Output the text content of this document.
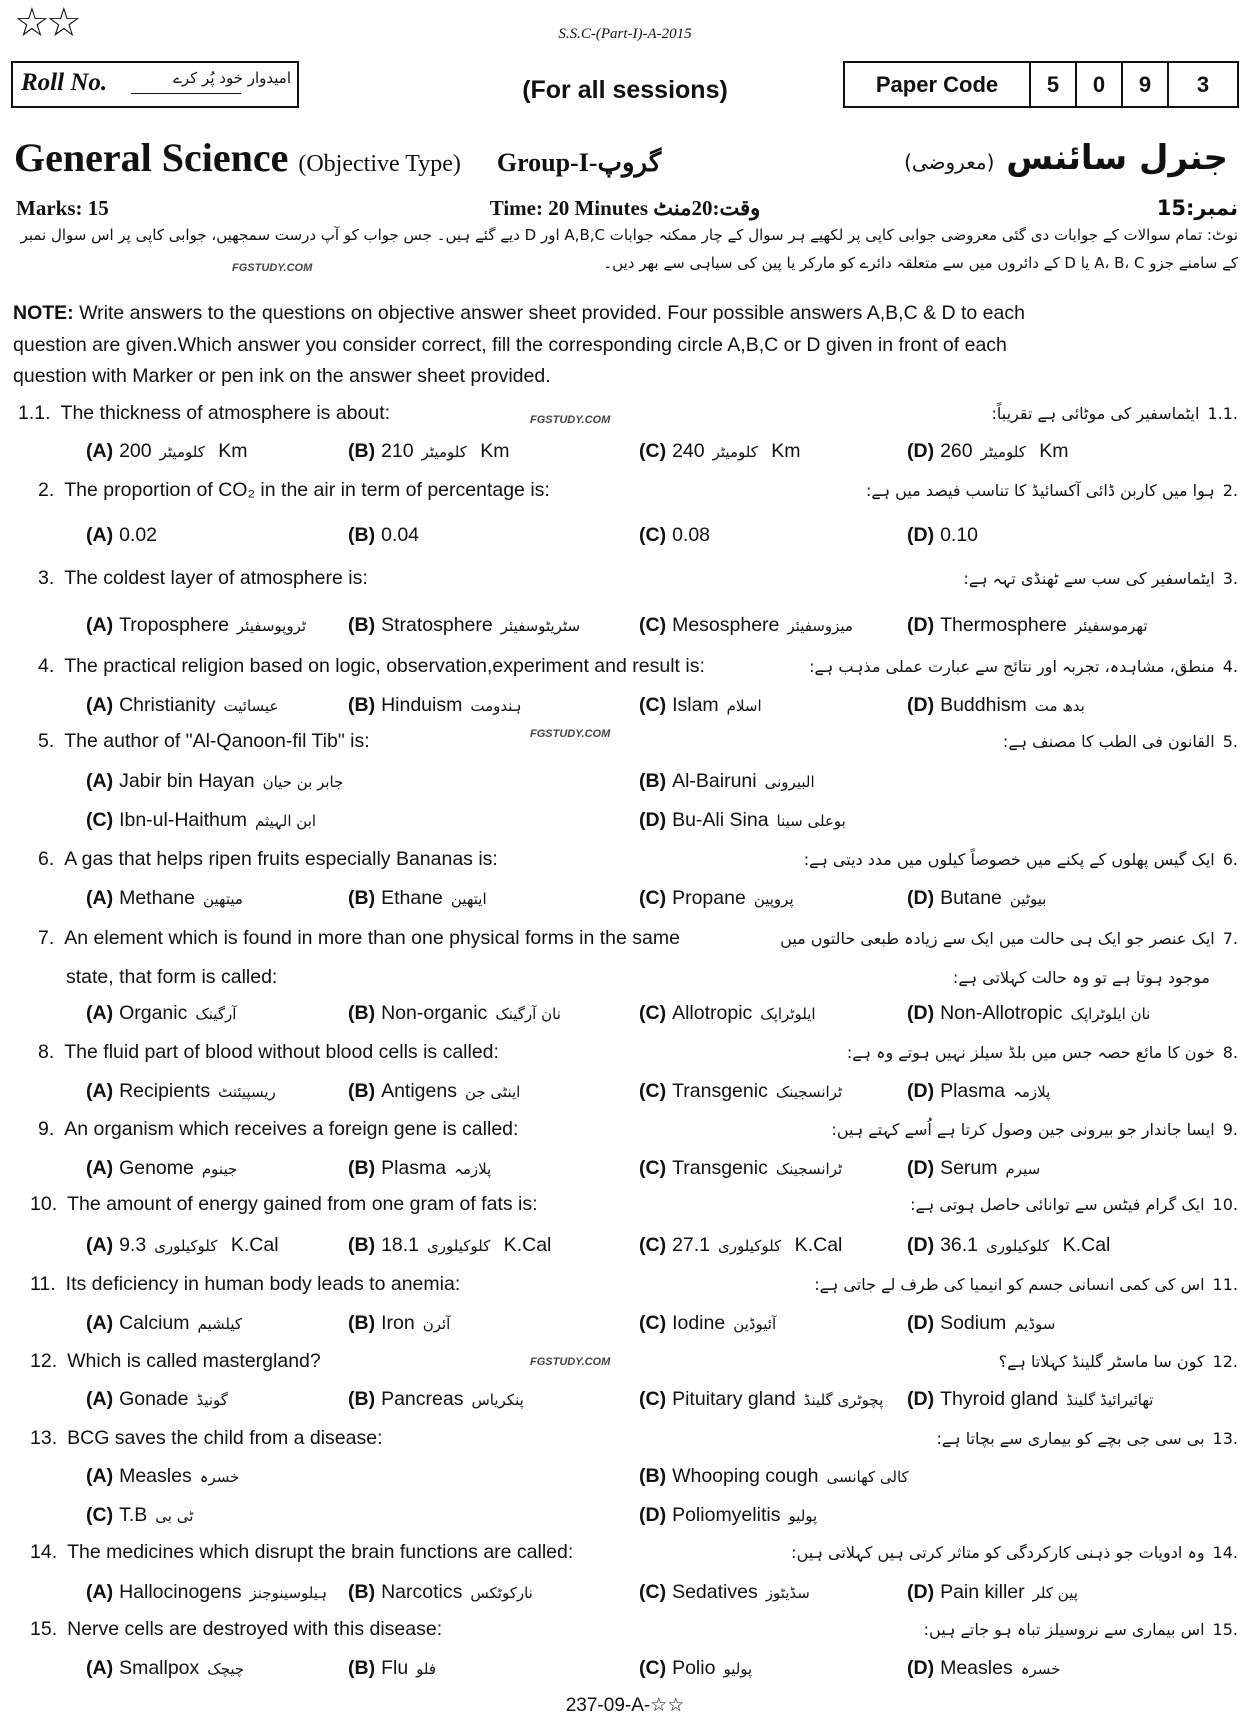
☆☆	S.S.C-(Part-I)-A-2015
Roll No.	امیدوار خود پُر کرے	(For all sessions)	Paper Code	5	0	9	3
General Science (Objective Type) Group-I-گروپ	جنرل سائنس (معروضی)
Marks: 15	Time: 20 Minutes وقت:20منٹ	نمبر:15
نوٹ: تمام سوالات کے جوابات دی گئی معروضی جوابی کاپی پر لکھیے ہر سوال کے چار ممکنہ جوابات A,B,C اور D دیے گئے ہیں۔ جس جواب کو آپ درست سمجھیں، جوابی کاپی پر اس سوال نمبر
کے سامنے جزو A، B، C یا D کے دائروں میں سے متعلقہ دائرے کو مارکر یا پین کی سیاہی سے بھر دیں۔
FGSTUDY.COM
NOTE: Write answers to the questions on objective answer sheet provided. Four possible answers A,B,C & D to each
question are given.Which answer you consider correct, fill the corresponding circle A,B,C or D given in front of each
question with Marker or pen ink on the answer sheet provided.
1.1. The thickness of atmosphere is about:	.1.1ایٹماسفیر کی موٹائی ہے تقریباً:
(A)	کلومیٹر200 Km	(B)	کلومیٹر210 Km	(C)	کلومیٹر240 Km	(D)	کلومیٹر260 Km
2. The proportion of CO₂ in the air in term of percentage is:	.2ہوا میں کاربن ڈائی آکسائیڈ کا تناسب فیصد میں ہے:
(A) 0.02	(B) 0.04	(C) 0.08	(D) 0.10
3. The coldest layer of atmosphere is:	.3ایٹماسفیر کی سب سے ٹھنڈی تہہ ہے:
(A) Troposphere ٹروپوسفیئر	(B) Stratosphere سٹریٹوسفیئر	(C) Mesosphere میزوسفیئر	(D) Thermosphere تھرموسفیئر
4. The practical religion based on logic, observation,experiment and result is:	.4منطق، مشاہدہ، تجربہ اور نتائج سے عبارت عملی مذہب ہے:
(A) Christianity عیسائیت	(B) Hinduism ہندومت	(C) Islam اسلام	(D) Buddhism بدھ مت
5. The author of "Al-Qanoon-fil Tib" is:	.5القانون فی الطب کا مصنف ہے:
(A) Jabir bin Hayan جابر بن حیان	(B) Al-Bairuni البیرونی
(C) Ibn-ul-Haithum ابن الہیثم	(D) Bu-Ali Sina بوعلی سینا
6. A gas that helps ripen fruits especially Bananas is:	.6ایک گیس پھلوں کے پکنے میں خصوصاً کیلوں میں مدد دیتی ہے:
(A) Methane میتھین	(B) Ethane ایتھین	(C) Propane پروپین	(D) Butane بیوٹین
7. An element which is found in more than one physical forms in the same	.7ایک عنصر جو ایک ہی حالت میں ایک سے زیادہ طبعی حالتوں میں
state, that form is called:	موجود ہوتا ہے تو وہ حالت کہلاتی ہے:
(A) Organic آرگینک	(B) Non-organic نان آرگینک	(C) Allotropic ایلوٹراپک	(D) Non-Allotropic نان ایلوٹراپک
8. The fluid part of blood without blood cells is called:	.8خون کا مائع حصہ جس میں بلڈ سیلز نہیں ہوتے وہ ہے:
(A) Recipients ریسپیئنٹ	(B) Antigens اینٹی جن	(C) Transgenic ٹرانسجینک	(D) Plasma پلازمہ
9. An organism which receives a foreign gene is called:	.9ایسا جاندار جو بیرونی جین وصول کرتا ہے اُسے کہتے ہیں:
(A) Genome جینوم	(B) Plasma پلازمہ	(C) Transgenic ٹرانسجینک	(D) Serum سیرم
10. The amount of energy gained from one gram of fats is:	.10ایک گرام فیٹس سے توانائی حاصل ہوتی ہے:
(A)	کلوکیلوری9.3 K.Cal	(B)	کلوکیلوری18.1 K.Cal	(C)	کلوکیلوری27.1 K.Cal	(D)	کلوکیلوری36.1 K.Cal
11. Its deficiency in human body leads to anemia:	.11اس کی کمی انسانی جسم کو انیمیا کی طرف لے جاتی ہے:
(A) Calcium کیلشیم	(B) Iron آئرن	(C) Iodine آئیوڈین	(D) Sodium سوڈیم
12. Which is called mastergland?	.12کون سا ماسٹر گلینڈ کہلاتا ہے؟
(A) Gonade گونیڈ	(B) Pancreas پنکریاس	(C) Pituitary gland پچوٹری گلینڈ	(D) Thyroid gland تھائیرائیڈ گلینڈ
13. BCG saves the child from a disease:	.13بی سی جی بچے کو بیماری سے بچاتا ہے:
(A) Measles خسرہ	(B) Whooping cough کالی کھانسی
(C) T.B ٹی بی	(D) Poliomyelitis پولیو
14. The medicines which disrupt the brain functions are called:	.14وہ ادویات جو ذہنی کارکردگی کو متاثر کرتی ہیں کہلاتی ہیں:
(A) Hallocinogens ہیلوسینوجنز	(B) Narcotics نارکوٹکس	(C) Sedatives سڈیٹوز	(D) Pain killer پین کلر
15. Nerve cells are destroyed with this disease:	.15اس بیماری سے نروسیلز تباہ ہو جاتے ہیں:
(A) Smallpox چیچک	(B) Flu فلو	(C) Polio پولیو	(D) Measles خسرہ
FGSTUDY.COM
FGSTUDY.COM
FGSTUDY.COM
237-09-A-☆☆
